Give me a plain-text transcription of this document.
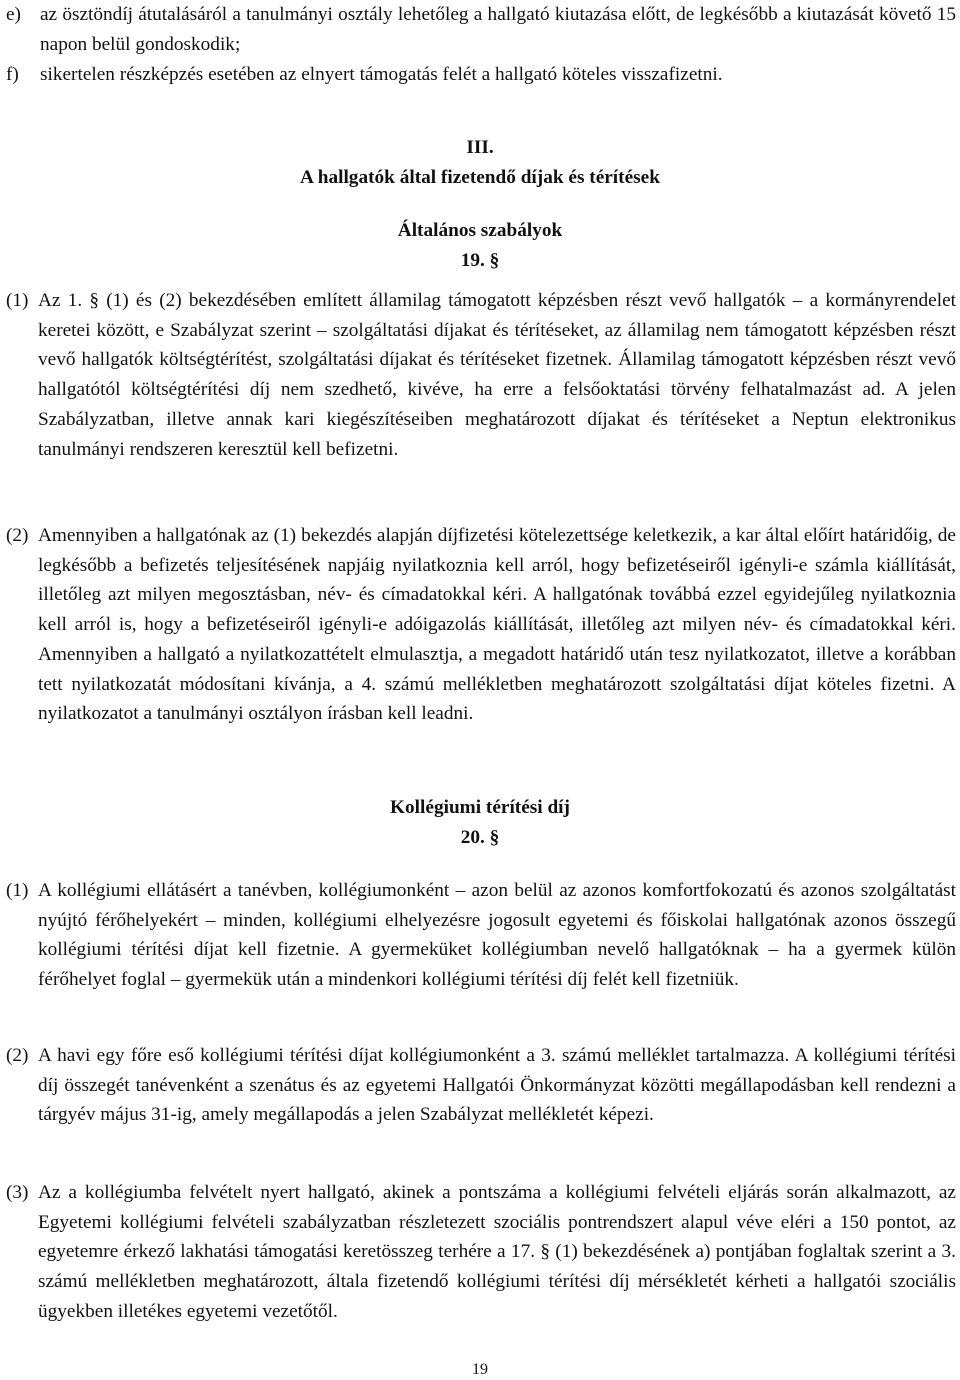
e) az ösztöndíj átutalásáról a tanulmányi osztály lehetőleg a hallgató kiutazása előtt, de legkésőbb a kiutazását követő 15 napon belül gondoskodik;
f)	sikertelen részképzés esetében az elnyert támogatás felét a hallgató köteles visszafizetni.
III.
A hallgatók által fizetendő díjak és térítések
Általános szabályok
19. §
(1) Az 1. § (1) és (2) bekezdésében említett államilag támogatott képzésben részt vevő hallgatók – a kormányrendelet keretei között, e Szabályzat szerint – szolgáltatási díjakat és térítéseket, az államilag nem támogatott képzésben részt vevő hallgatók költségtérítést, szolgáltatási díjakat és térítéseket fizetnek. Államilag támogatott képzésben részt vevő hallgatótól költségtérítési díj nem szedhető, kivéve, ha erre a felsőoktatási törvény felhatalmazást ad. A jelen Szabályzatban, illetve annak kari kiegészítéseiben meghatározott díjakat és térítéseket a Neptun elektronikus tanulmányi rendszeren keresztül kell befizetni.
(2) Amennyiben a hallgatónak az (1) bekezdés alapján díjfizetési kötelezettsége keletkezik, a kar által előírt határidőig, de legkésőbb a befizetés teljesítésének napjáig nyilatkoznia kell arról, hogy befizetéseiről igényli-e számla kiállítását, illetőleg azt milyen megosztásban, név- és címadatokkal kéri. A hallgatónak továbbá ezzel egyidejűleg nyilatkoznia kell arról is, hogy a befizetéseiről igényli-e adóigazolás kiállítását, illetőleg azt milyen név- és címadatokkal kéri. Amennyiben a hallgató a nyilatkozattételt elmulasztja, a megadott határidő után tesz nyilatkozatot, illetve a korábban tett nyilatkozatát módosítani kívánja, a 4. számú mellékletben meghatározott szolgáltatási díjat köteles fizetni. A nyilatkozatot a tanulmányi osztályon írásban kell leadni.
Kollégiumi térítési díj
20. §
(1) A kollégiumi ellátásért a tanévben, kollégiumonként – azon belül az azonos komfortfokozatú és azonos szolgáltatást nyújtó férőhelyekért – minden, kollégiumi elhelyezésre jogosult egyetemi és főiskolai hallgatónak azonos összegű kollégiumi térítési díjat kell fizetnie. A gyermeküket kollégiumban nevelő hallgatóknak – ha a gyermek külön férőhelyet foglal – gyermekük után a mindenkori kollégiumi térítési díj felét kell fizetniük.
(2) A havi egy főre eső kollégiumi térítési díjat kollégiumonként a 3. számú melléklet tartalmazza. A kollégiumi térítési díj összegét tanévenként a szenátus és az egyetemi Hallgatói Önkormányzat közötti megállapodásban kell rendezni a tárgyév május 31-ig, amely megállapodás a jelen Szabályzat mellékletét képezi.
(3) Az a kollégiumba felvételt nyert hallgató, akinek a pontszáma a kollégiumi felvételi eljárás során alkalmazott, az Egyetemi kollégiumi felvételi szabályzatban részletezett szociális pontrendszert alapul véve eléri a 150 pontot, az egyetemre érkező lakhatási támogatási keretösszeg terhére a 17. § (1) bekezdésének a) pontjában foglaltak szerint a 3. számú mellékletben meghatározott, általa fizetendő kollégiumi térítési díj mérsékletét kérheti a hallgatói szociális ügyekben illetékes egyetemi vezetőtől.
19
